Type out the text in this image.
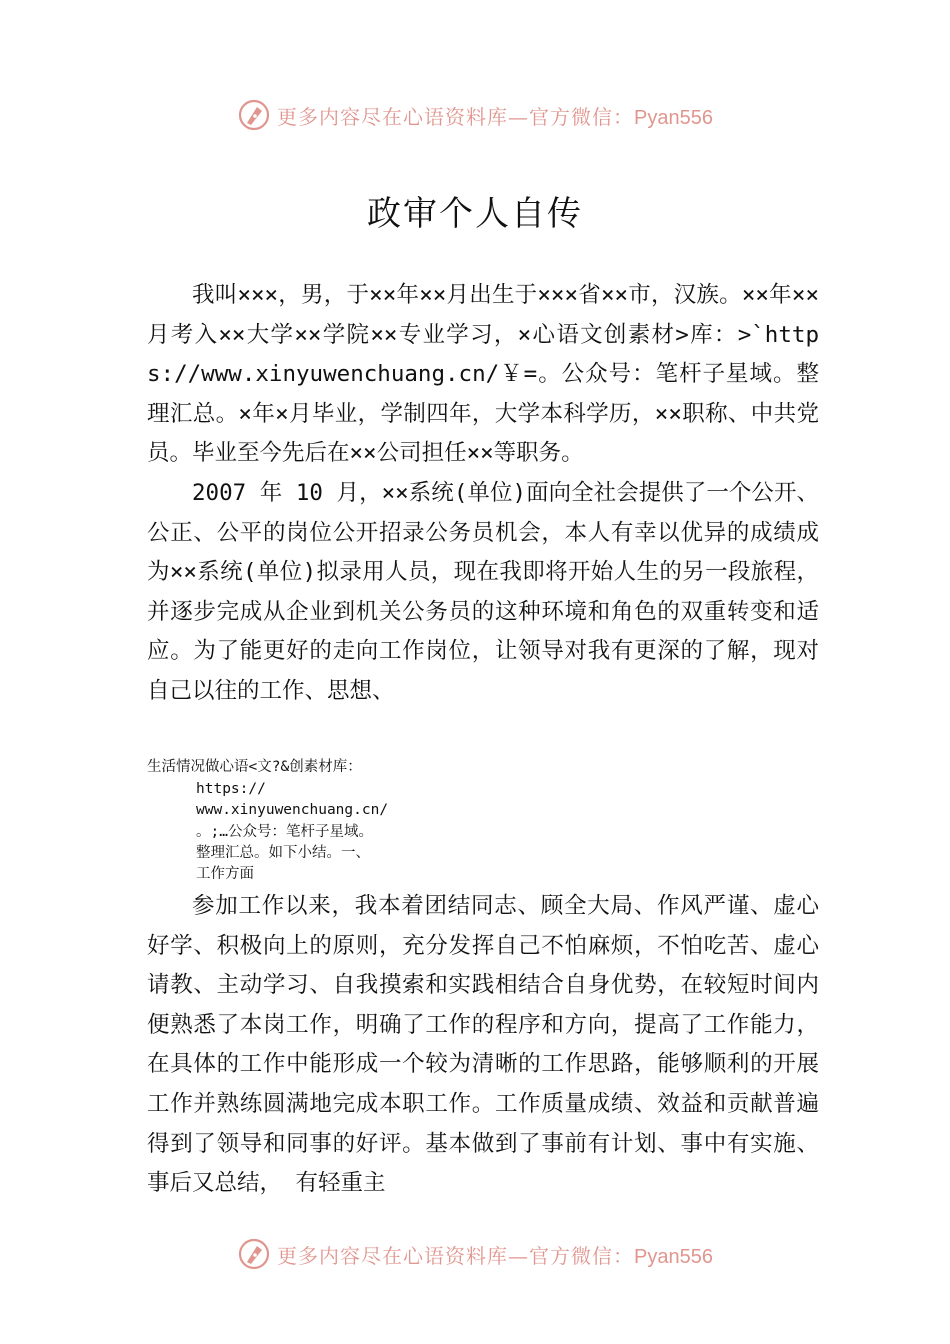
更多内容尽在心语资料库—官方微信：Pyan556
政审个人自传

我叫×××，男，于××年××月出生于×××省××市，汉族。××年××月考入××大学××学院××专业学习，×心语文创素材>库：>`https://www.xinyuwenchuang.cn/￥=。公众号：笔杆子星域。整理汇总。×年×月毕业，学制四年，大学本科学历，××职称、中共党员。毕业至今先后在××公司担任××等职务。

2007 年 10 月，××系统(单位)面向全社会提供了一个公开、公正、公平的岗位公开招录公务员机会，本人有幸以优异的成绩成为××系统(单位)拟录用人员，现在我即将开始人生的另一段旅程，并逐步完成从企业到机关公务员的这种环境和角色的双重转变和适应。为了能更好的走向工作岗位，让领导对我有更深的了解，现对自己以往的工作、思想、

生活情况做心语<文?&创素材库：
https://
www.xinyuwenchuang.cn/
。;…公众号：笔杆子星域。
整理汇总。如下小结。一、
工作方面

参加工作以来，我本着团结同志、顾全大局、作风严谨、虚心好学、积极向上的原则，充分发挥自己不怕麻烦，不怕吃苦、虚心请教、主动学习、自我摸索和实践相结合自身优势，在较短时间内便熟悉了本岗工作，明确了工作的程序和方向，提高了工作能力，在具体的工作中能形成一个较为清晰的工作思路，能够顺利的开展工作并熟练圆满地完成本职工作。工作质量成绩、效益和贡献普遍得到了领导和同事的好评。基本做到了事前有计划、事中有实施、事后又总结， 有轻重主

更多内容尽在心语资料库—官方微信：Pyan556
